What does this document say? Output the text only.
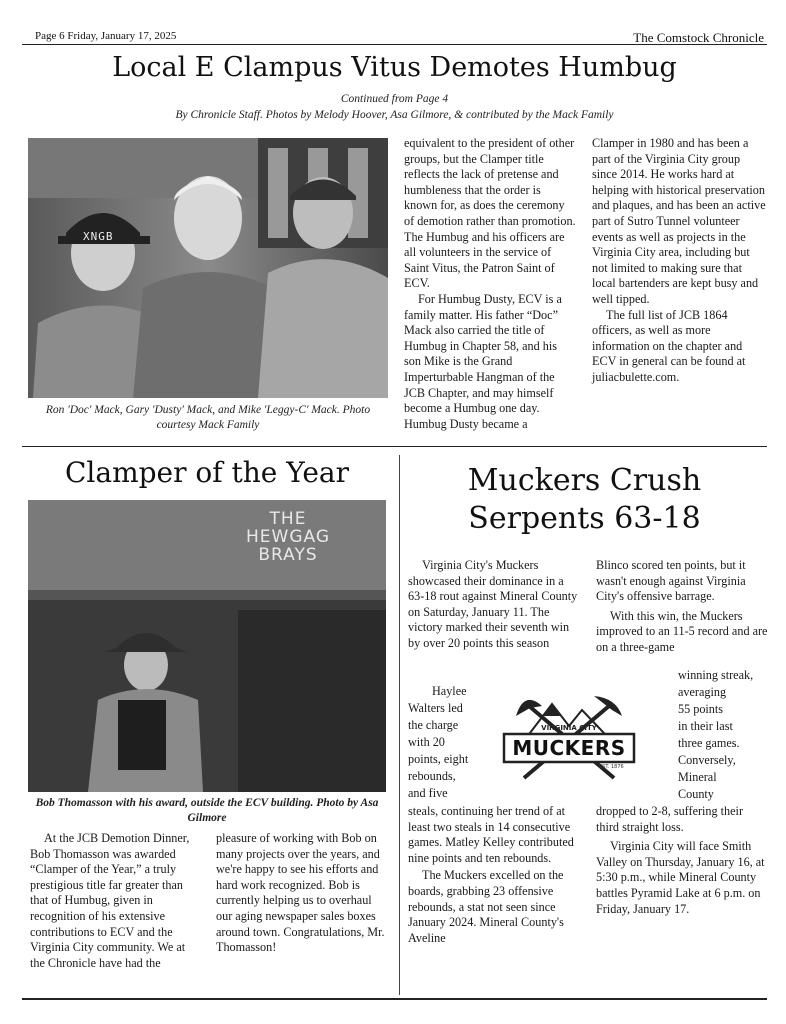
Page 6 Friday, January 17, 2025	The Comstock Chronicle
Local E Clampus Vitus Demotes Humbug
Continued from Page 4
By Chronicle Staff. Photos by Melody Hoover, Asa Gilmore, & contributed by the Mack Family
XNGB
Ron 'Doc' Mack, Gary 'Dusty' Mack, and Mike 'Leggy-C' Mack. Photo courtesy Mack Family

equivalent to the president of other groups, but the Clamper title reflects the lack of pretense and humbleness that the order is known for, as does the ceremony of demotion rather than promotion. The Humbug and his officers are all volunteers in the service of Saint Vitus, the Patron Saint of ECV.

For Humbug Dusty, ECV is a family matter. His father “Doc” Mack also carried the title of Humbug in Chapter 58, and his son Mike is the Grand Imperturbable Hangman of the JCB Chapter, and may himself become a Humbug one day. Humbug Dusty became a

Clamper in 1980 and has been a part of the Virginia City group since 2014. He works hard at helping with historical preservation and plaques, and has been an active part of Sutro Tunnel volunteer events as well as projects in the Virginia City area, including but not limited to making sure that local bartenders are kept busy and well tipped.

The full list of JCB 1864 officers, as well as more information on the chapter and ECV in general can be found at juliacbulette.com.

Clamper of the Year
THE
HEWGAG
BRAYS
Bob Thomasson with his award, outside the ECV building. Photo by Asa Gilmore

At the JCB Demotion Dinner, Bob Thomasson was awarded “Clamper of the Year,” a truly prestigious title far greater than that of Humbug, given in recognition of his extensive contributions to ECV and the Virginia City community. We at the Chronicle have had the

pleasure of working with Bob on many projects over the years, and we're happy to see his efforts and hard work recognized. Bob is currently helping us to overhaul our aging newspaper sales boxes around town. Congratulations, Mr. Thomasson!

Muckers Crush
Serpents 63-18

Virginia City's Muckers showcased their dominance in a 63-18 rout against Mineral County on Saturday, January 11. The victory marked their seventh win by over 20 points this season

Haylee
Walters led
the charge
with 20
points, eight
rebounds,
and five

steals, continuing her trend of at least two steals in 14 consecutive games. Matley Kelley contributed nine points and ten rebounds.

The Muckers excelled on the boards, grabbing 23 offensive rebounds, a stat not seen since January 2024. Mineral County's Aveline

VIRGINIA CITY
MUCKERS
EST. 1876

Blinco scored ten points, but it wasn't enough against Virginia City's offensive barrage.

With this win, the Muckers improved to an 11-5 record and are on a three-game

winning streak,
averaging
55 points
in their last
three games.
Conversely,
Mineral
County

dropped to 2-8, suffering their third straight loss.

Virginia City will face Smith Valley on Thursday, January 16, at 5:30 p.m., while Mineral County battles Pyramid Lake at 6 p.m. on Friday, January 17.
